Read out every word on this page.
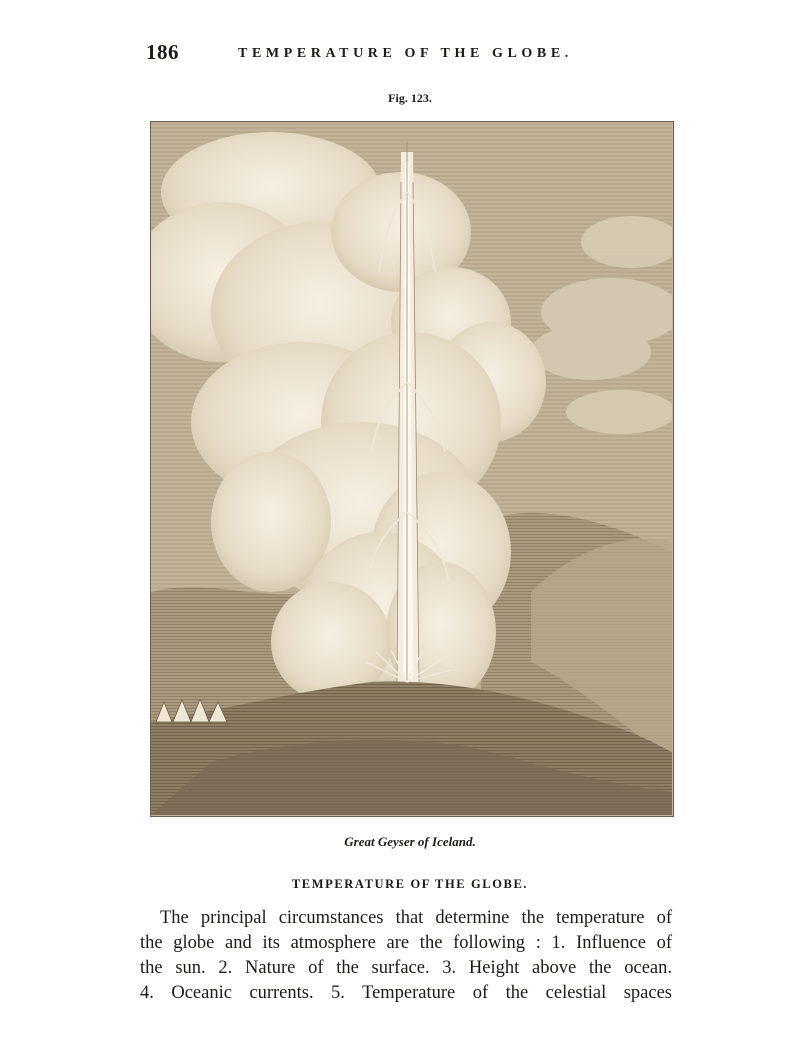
186	TEMPERATURE OF THE GLOBE.
Fig. 123.
Great Geyser of Iceland.
TEMPERATURE OF THE GLOBE.
The principal circumstances that determine the temperature of
the globe and its atmosphere are the following : 1. Influence of
the sun. 2. Nature of the surface. 3. Height above the ocean.
4. Oceanic currents. 5. Temperature of the celestial spaces
